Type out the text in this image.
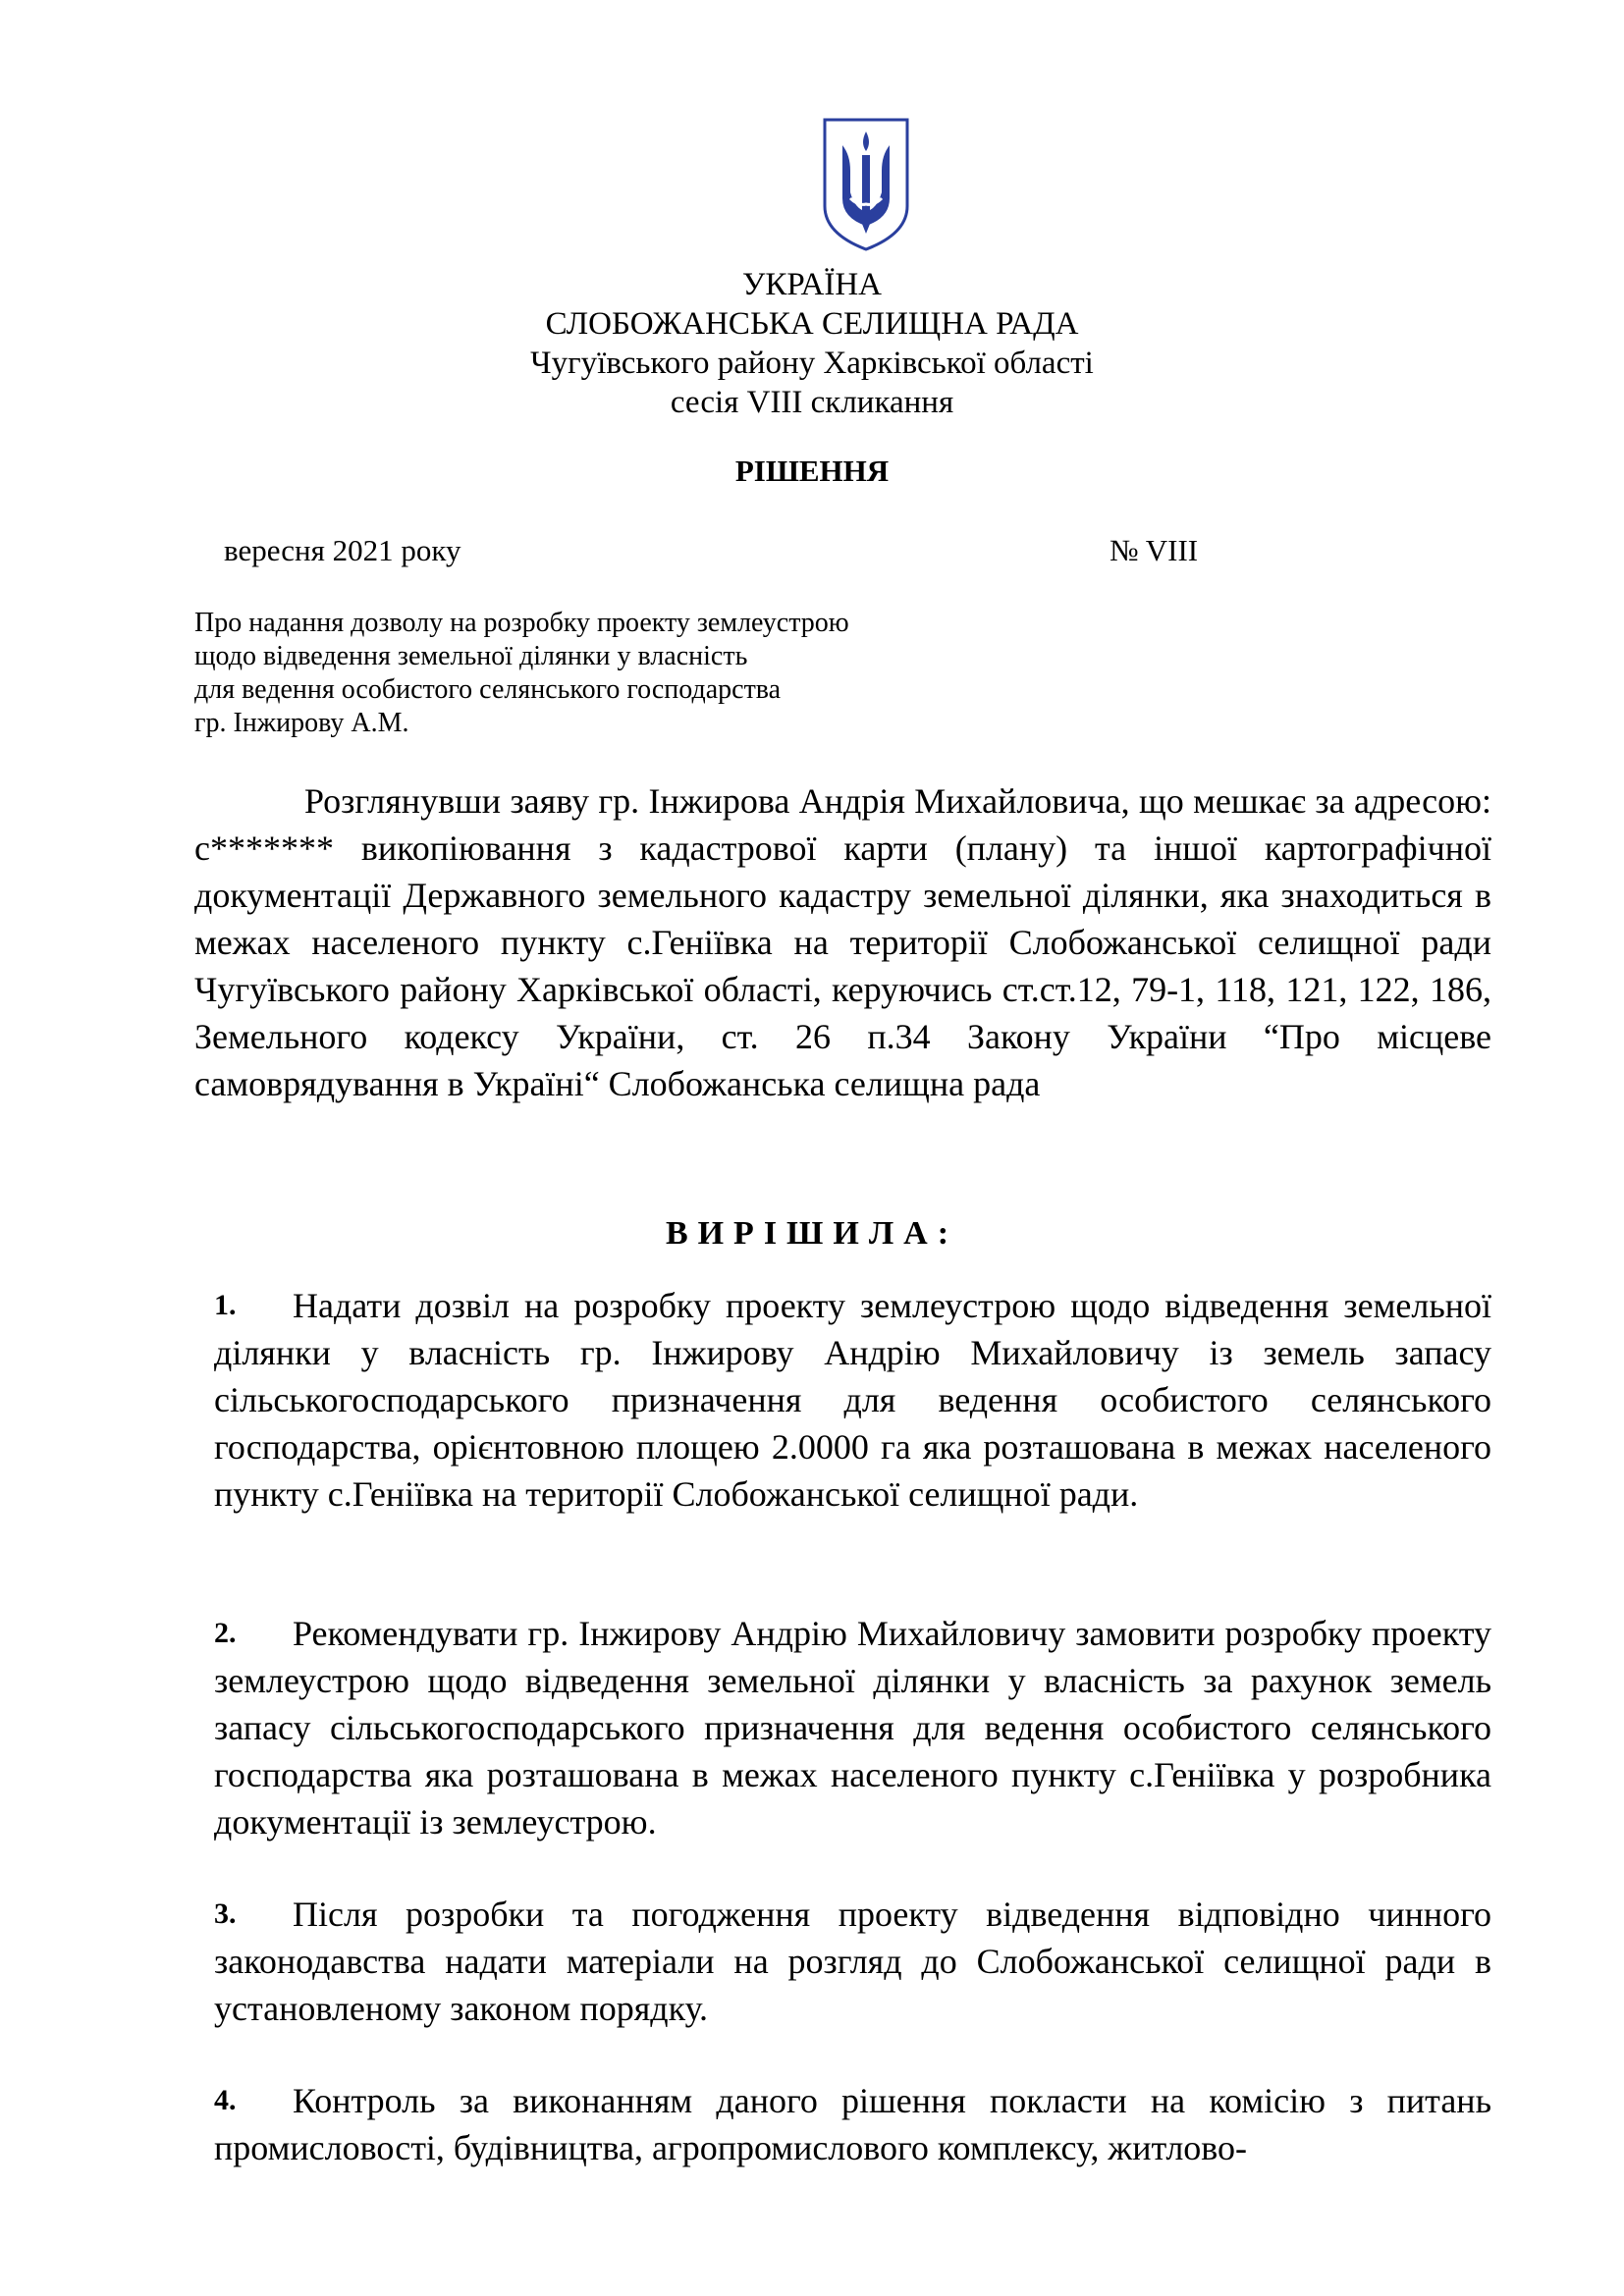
УКРАЇНА
СЛОБОЖАНСЬКА СЕЛИЩНА РАДА
Чугуївського району Харківської області
сесія VIII скликання
РІШЕННЯ
вересня 2021 року	№ VIII
Про надання дозволу на розробку проекту землеустрою
щодо відведення земельної ділянки у власність
для ведення особистого селянського господарства
гр. Інжирову А.М.
Розглянувши заяву гр. Інжирова Андрія Михайловича, що мешкає за адресою: с******* викопіювання з кадастрової карти (плану) та іншої картографічної документації Державного земельного кадастру земельної ділянки, яка знаходиться в межах населеного пункту с.Геніївка на території Слобожанської селищної ради Чугуївського району Харківської області, керуючись ст.ст.12, 79-1, 118, 121, 122, 186, Земельного кодексу України, ст. 26 п.34 Закону України “Про місцеве самоврядування в Україні“ Слобожанська селищна рада
ВИРІШИЛА:
1.	Надати дозвіл на розробку проекту землеустрою щодо відведення земельної ділянки у власність гр. Інжирову Андрію Михайловичу із земель запасу сільськогосподарського призначення для ведення особистого селянського господарства, орієнтовною площею 2.0000 га яка розташована в межах населеного пункту с.Геніївка на території Слобожанської селищної ради.
2.	Рекомендувати гр. Інжирову Андрію Михайловичу замовити розробку проекту землеустрою щодо відведення земельної ділянки у власність за рахунок земель запасу сільськогосподарського призначення для ведення особистого селянського господарства яка розташована в межах населеного пункту с.Геніївка у розробника документації із землеустрою.
3.	Після розробки та погодження проекту відведення відповідно чинного законодавства надати матеріали на розгляд до Слобожанської селищної ради в установленому законом порядку.
4.	Контроль за виконанням даного рішення покласти на комісію з питань промисловості, будівництва, агропромислового комплексу, житлово-
